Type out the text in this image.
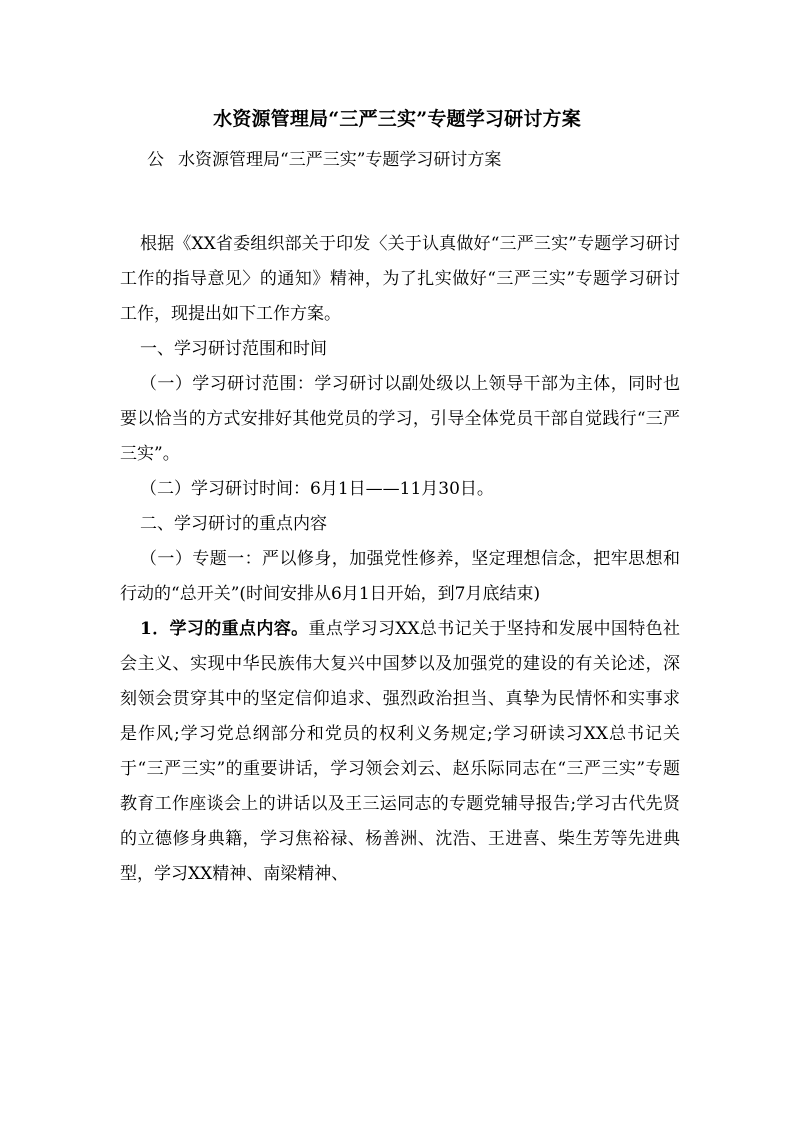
水资源管理局“三严三实”专题学习研讨方案
公 水资源管理局“三严三实”专题学习研讨方案

根据《XX省委组织部关于印发〈关于认真做好“三严三实”专题学习研讨工作的指导意见〉的通知》精神，为了扎实做好“三严三实”专题学习研讨工作，现提出如下工作方案。

一、学习研讨范围和时间

（一）学习研讨范围：学习研讨以副处级以上领导干部为主体，同时也要以恰当的方式安排好其他党员的学习，引导全体党员干部自觉践行“三严三实”。

（二）学习研讨时间：6月1日——11月30日。

二、学习研讨的重点内容

（一）专题一：严以修身，加强党性修养，坚定理想信念，把牢思想和行动的“总开关”(时间安排从6月1日开始，到7月底结束)

1．学习的重点内容。重点学习习XX总书记关于坚持和发展中国特色社会主义、实现中华民族伟大复兴中国梦以及加强党的建设的有关论述，深刻领会贯穿其中的坚定信仰追求、强烈政治担当、真挚为民情怀和实事求是作风;学习党总纲部分和党员的权利义务规定;学习研读习XX总书记关于“三严三实”的重要讲话，学习领会刘云、赵乐际同志在“三严三实”专题教育工作座谈会上的讲话以及王三运同志的专题党辅导报告;学习古代先贤的立德修身典籍，学习焦裕禄、杨善洲、沈浩、王进喜、柴生芳等先进典型，学习XX精神、南梁精神、
